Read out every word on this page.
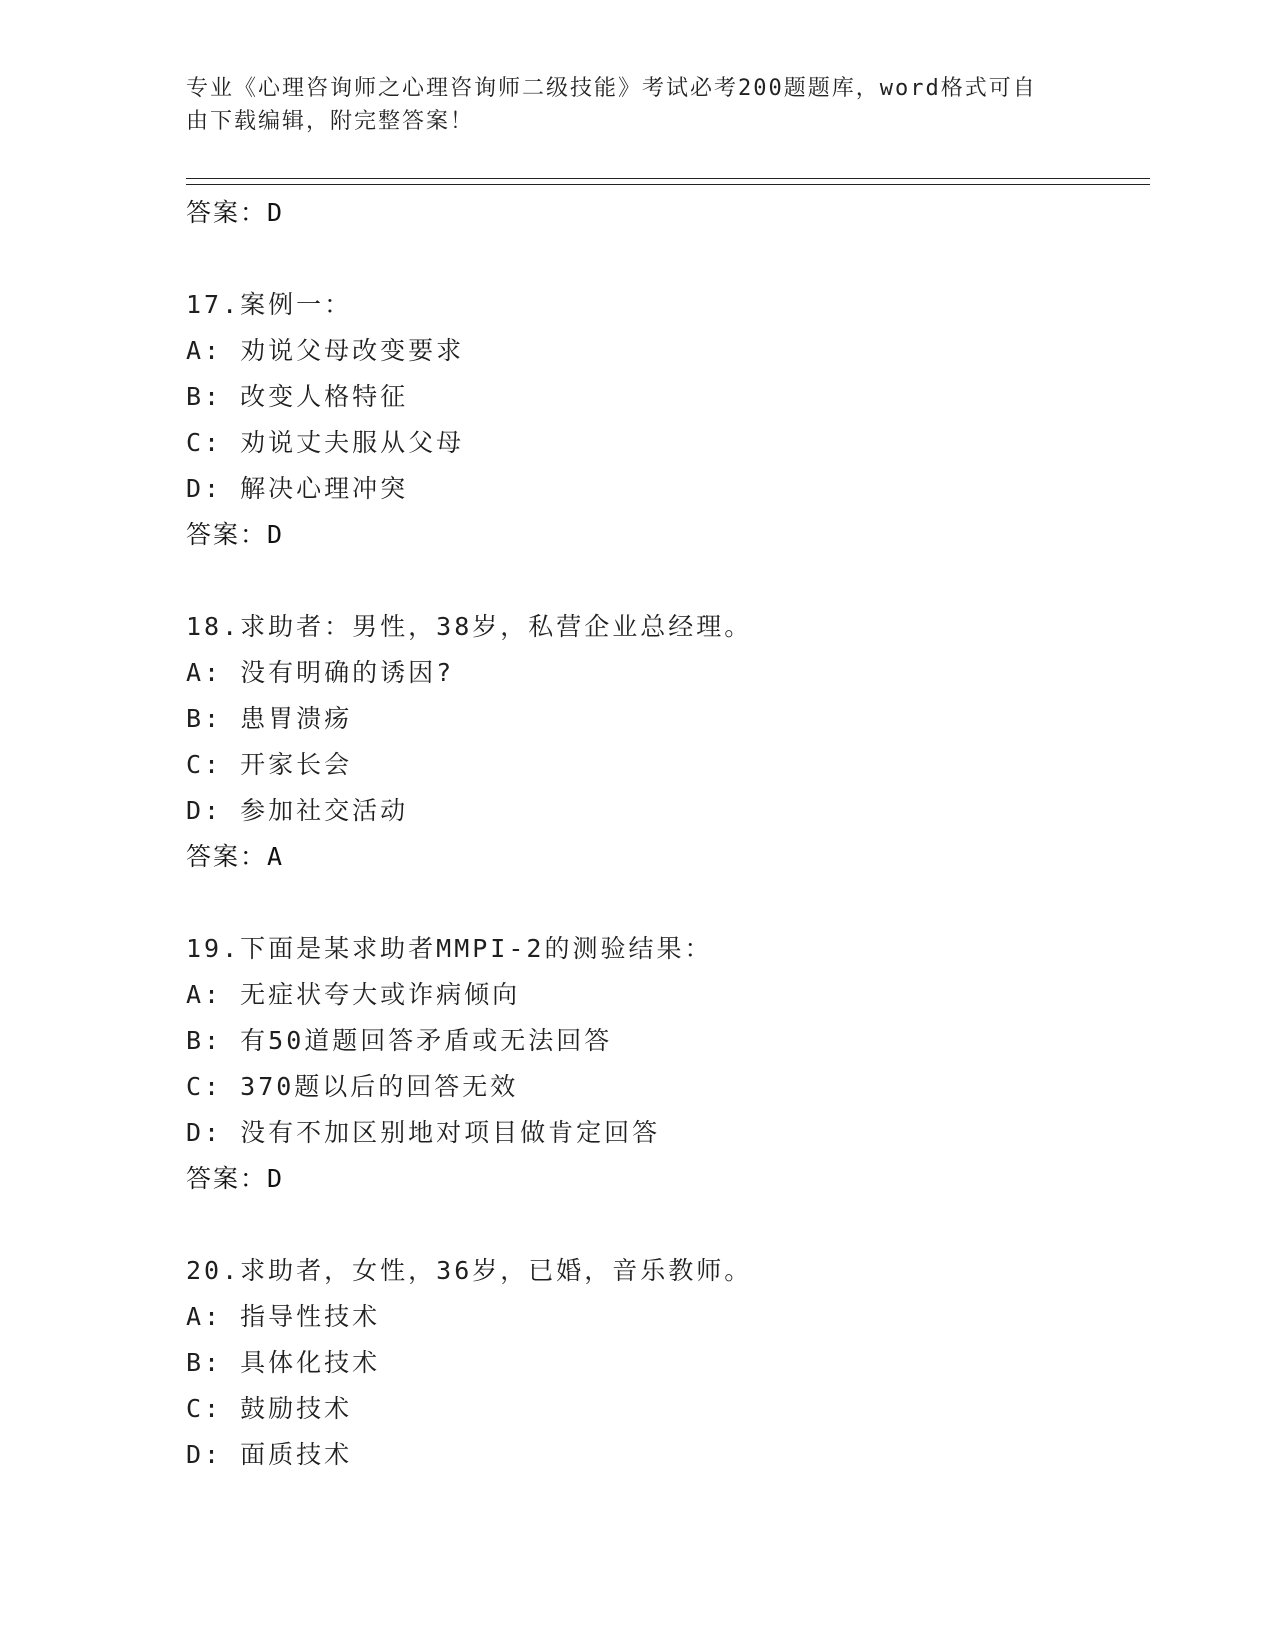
专业《心理咨询师之心理咨询师二级技能》考试必考200题题库，word格式可自
由下载编辑，附完整答案！
答案：D
17.案例一：
A: 劝说父母改变要求
B: 改变人格特征
C: 劝说丈夫服从父母
D: 解决心理冲突
答案：D
18.求助者：男性，38岁，私营企业总经理。
A: 没有明确的诱因?
B: 患胃溃疡
C: 开家长会
D: 参加社交活动
答案：A
19.下面是某求助者MMPI-2的测验结果：
A: 无症状夸大或诈病倾向
B: 有50道题回答矛盾或无法回答
C: 370题以后的回答无效
D: 没有不加区别地对项目做肯定回答
答案：D
20.求助者，女性，36岁，已婚，音乐教师。
A: 指导性技术
B: 具体化技术
C: 鼓励技术
D: 面质技术
